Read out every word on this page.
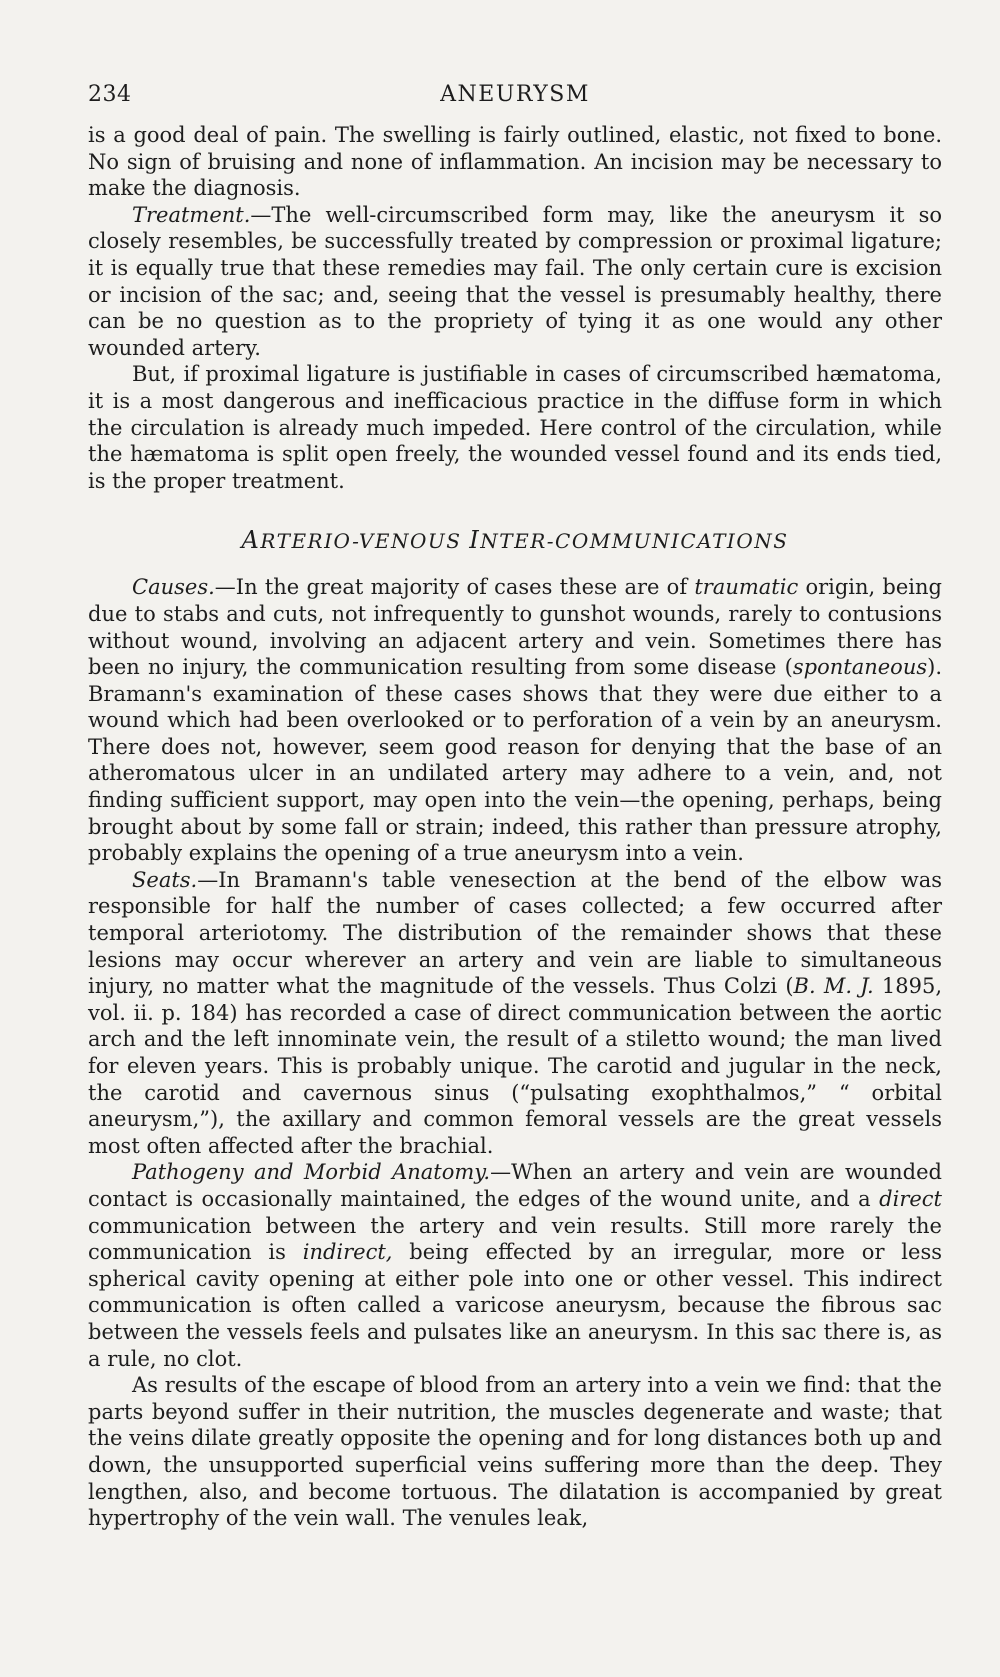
234	ANEURYSM

is a good deal of pain. The swelling is fairly outlined, elastic, not fixed to bone. No sign of bruising and none of inflammation. An incision may be necessary to make the diagnosis.

Treatment.—The well-circumscribed form may, like the aneurysm it so closely resembles, be successfully treated by compression or proximal ligature; it is equally true that these remedies may fail. The only certain cure is excision or incision of the sac; and, seeing that the vessel is presumably healthy, there can be no question as to the propriety of tying it as one would any other wounded artery.

But, if proximal ligature is justifiable in cases of circumscribed hæmatoma, it is a most dangerous and inefficacious practice in the diffuse form in which the circulation is already much impeded. Here control of the circulation, while the hæmatoma is split open freely, the wounded vessel found and its ends tied, is the proper treatment.

ARTERIO-VENOUS INTER-COMMUNICATIONS

Causes.—In the great majority of cases these are of traumatic origin, being due to stabs and cuts, not infrequently to gunshot wounds, rarely to contusions without wound, involving an adjacent artery and vein. Sometimes there has been no injury, the communication resulting from some disease (spontaneous). Bramann's examination of these cases shows that they were due either to a wound which had been overlooked or to perforation of a vein by an aneurysm. There does not, however, seem good reason for denying that the base of an atheromatous ulcer in an undilated artery may adhere to a vein, and, not finding sufficient support, may open into the vein—the opening, perhaps, being brought about by some fall or strain; indeed, this rather than pressure atrophy, probably explains the opening of a true aneurysm into a vein.

Seats.—In Bramann's table venesection at the bend of the elbow was responsible for half the number of cases collected; a few occurred after temporal arteriotomy. The distribution of the remainder shows that these lesions may occur wherever an artery and vein are liable to simultaneous injury, no matter what the magnitude of the vessels. Thus Colzi (B. M. J. 1895, vol. ii. p. 184) has recorded a case of direct communication between the aortic arch and the left innominate vein, the result of a stiletto wound; the man lived for eleven years. This is probably unique. The carotid and jugular in the neck, the carotid and cavernous sinus (“pulsating exophthalmos,” “ orbital aneurysm,”), the axillary and common femoral vessels are the great vessels most often affected after the brachial.

Pathogeny and Morbid Anatomy.—When an artery and vein are wounded contact is occasionally maintained, the edges of the wound unite, and a direct communication between the artery and vein results. Still more rarely the communication is indirect, being effected by an irregular, more or less spherical cavity opening at either pole into one or other vessel. This indirect communication is often called a varicose aneurysm, because the fibrous sac between the vessels feels and pulsates like an aneurysm. In this sac there is, as a rule, no clot.

As results of the escape of blood from an artery into a vein we find: that the parts beyond suffer in their nutrition, the muscles degenerate and waste; that the veins dilate greatly opposite the opening and for long distances both up and down, the unsupported superficial veins suffering more than the deep. They lengthen, also, and become tortuous. The dilatation is accompanied by great hypertrophy of the vein wall. The venules leak,
